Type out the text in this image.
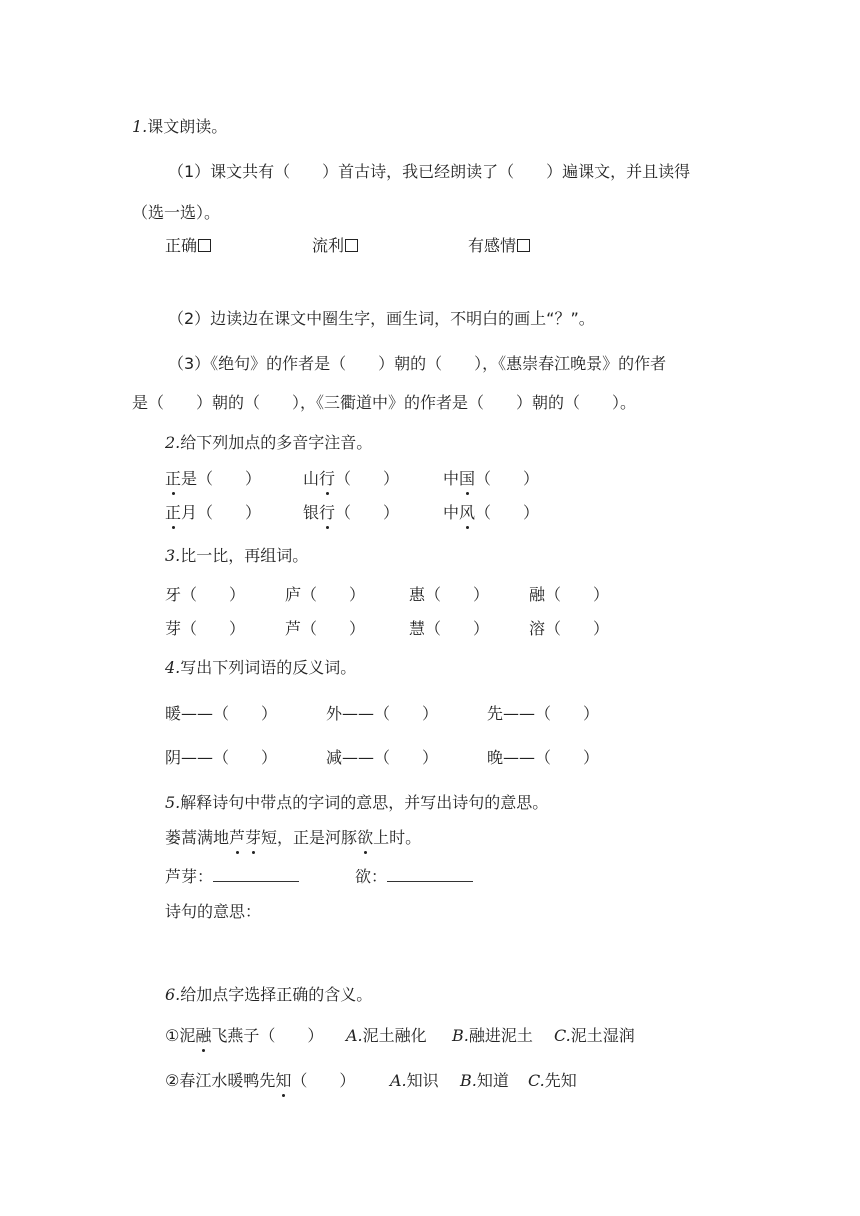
1.课文朗读。
（1）课文共有（　　）首古诗，我已经朗读了（　　）遍课文，并且读得
（选一选）。
正确	流利	有感情
（2）边读边在课文中圈生字，画生词，不明白的画上“？”。
（3）《绝句》的作者是（　　）朝的（　　），《惠崇春江晚景》的作者
是（　　）朝的（　　），《三衢道中》的作者是（　　）朝的（　　）。
2.给下列加点的多音字注音。
正是（　　）	山行（　　）	中国（　　）
正月（　　）	银行（　　）	中风（　　）
3.比一比，再组词。
牙（　　） 庐（　　）	惠（　　） 融（　　）
芽（　　） 芦（　　）	慧（　　） 溶（　　）
4.写出下列词语的反义词。
暖——（　　）	外——（　　）	先——（　　）
阴——（　　）	减——（　　）	晚——（　　）
5.解释诗句中带点的字词的意思，并写出诗句的意思。
蒌蒿满地芦芽短，正是河豚欲上时。
芦芽：	欲：
诗句的意思：
6.给加点字选择正确的含义。
①泥融飞燕子（　　） A.泥土融化 B.融进泥土 C.泥土湿润
②春江水暖鸭先知（　　） A.知识 B.知道 C.先知
